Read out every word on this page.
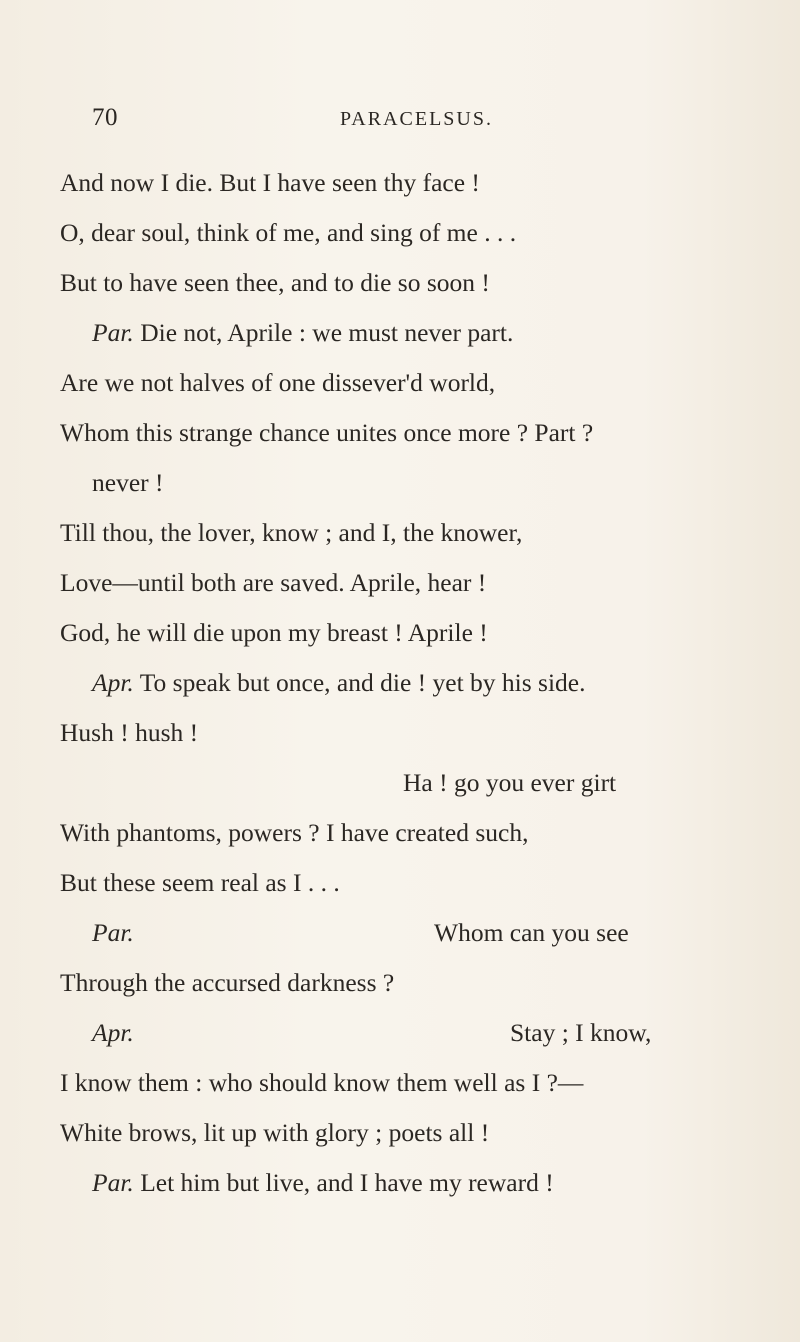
70	PARACELSUS.
And now I die. But I have seen thy face !
O, dear soul, think of me, and sing of me . . .
But to have seen thee, and to die so soon !
Par. Die not, Aprile : we must never part.
Are we not halves of one dissever'd world,
Whom this strange chance unites once more ? Part ?
never !
Till thou, the lover, know ; and I, the knower,
Love—until both are saved. Aprile, hear !
God, he will die upon my breast ! Aprile !
Apr. To speak but once, and die ! yet by his side.
Hush ! hush !
Ha ! go you ever girt
With phantoms, powers ? I have created such,
But these seem real as I . . .
Par.	Whom can you see
Through the accursed darkness ?
Apr.	Stay ; I know,
I know them : who should know them well as I ?—
White brows, lit up with glory ; poets all !
Par. Let him but live, and I have my reward !
